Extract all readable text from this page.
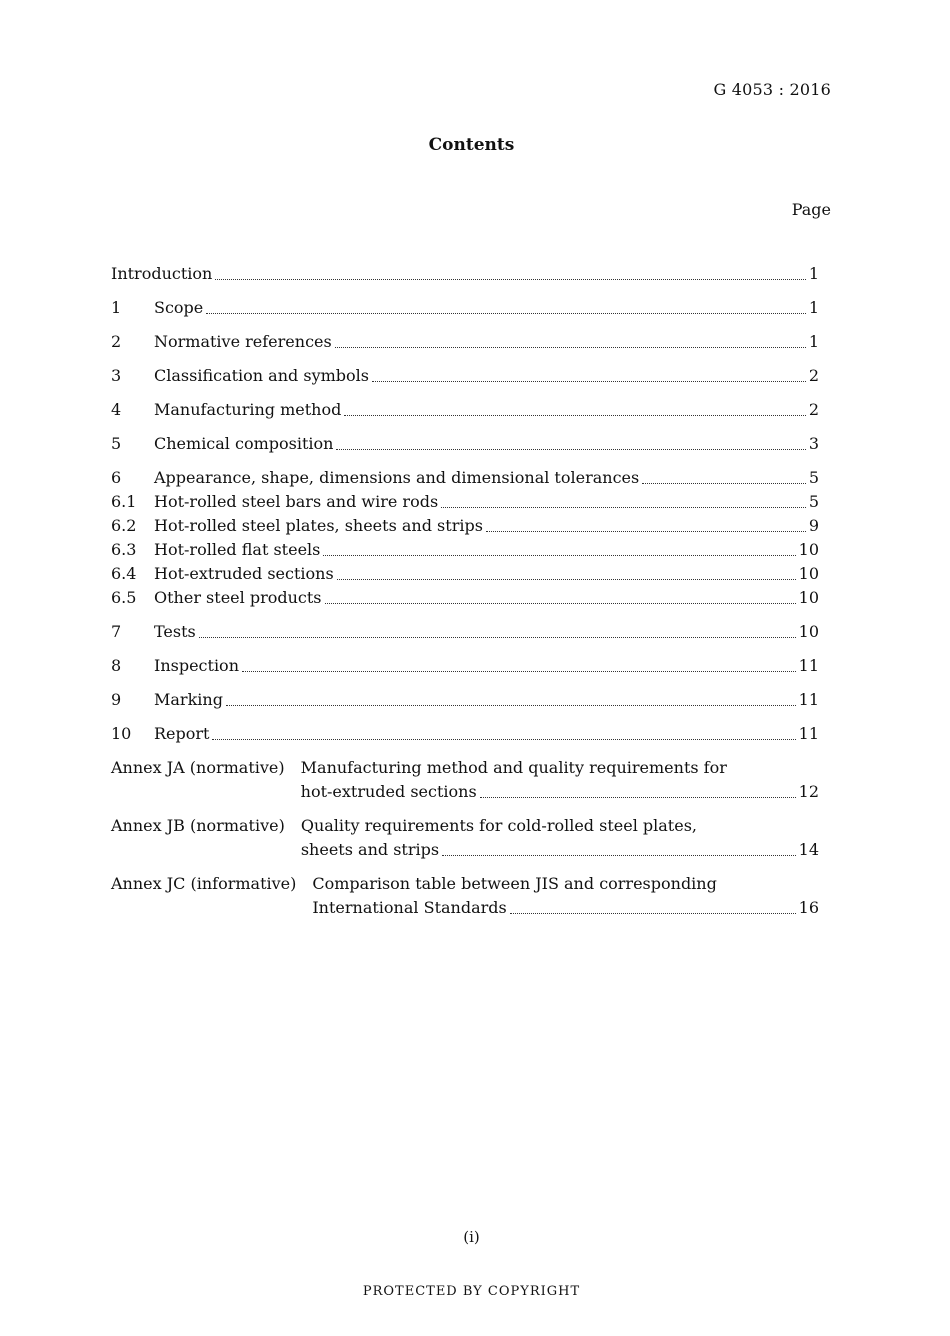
G 4053 : 2016
Contents
Page
Introduction	1
1	Scope	1
2	Normative references	1
3	Classification and symbols	2
4	Manufacturing method	2
5	Chemical composition	3
6	Appearance, shape, dimensions and dimensional tolerances	5
6.1	Hot-rolled steel bars and wire rods	5
6.2	Hot-rolled steel plates, sheets and strips	9
6.3	Hot-rolled flat steels	10
6.4	Hot-extruded sections	10
6.5	Other steel products	10
7	Tests	10
8	Inspection	11
9	Marking	11
10	Report	11
Annex JA (normative)	Manufacturing method and quality requirements for
hot-extruded sections	12
Annex JB (normative)	Quality requirements for cold-rolled steel plates,
sheets and strips	14
Annex JC (informative)	Comparison table between JIS and corresponding
International Standards	16
(i)
PROTECTED BY COPYRIGHT
